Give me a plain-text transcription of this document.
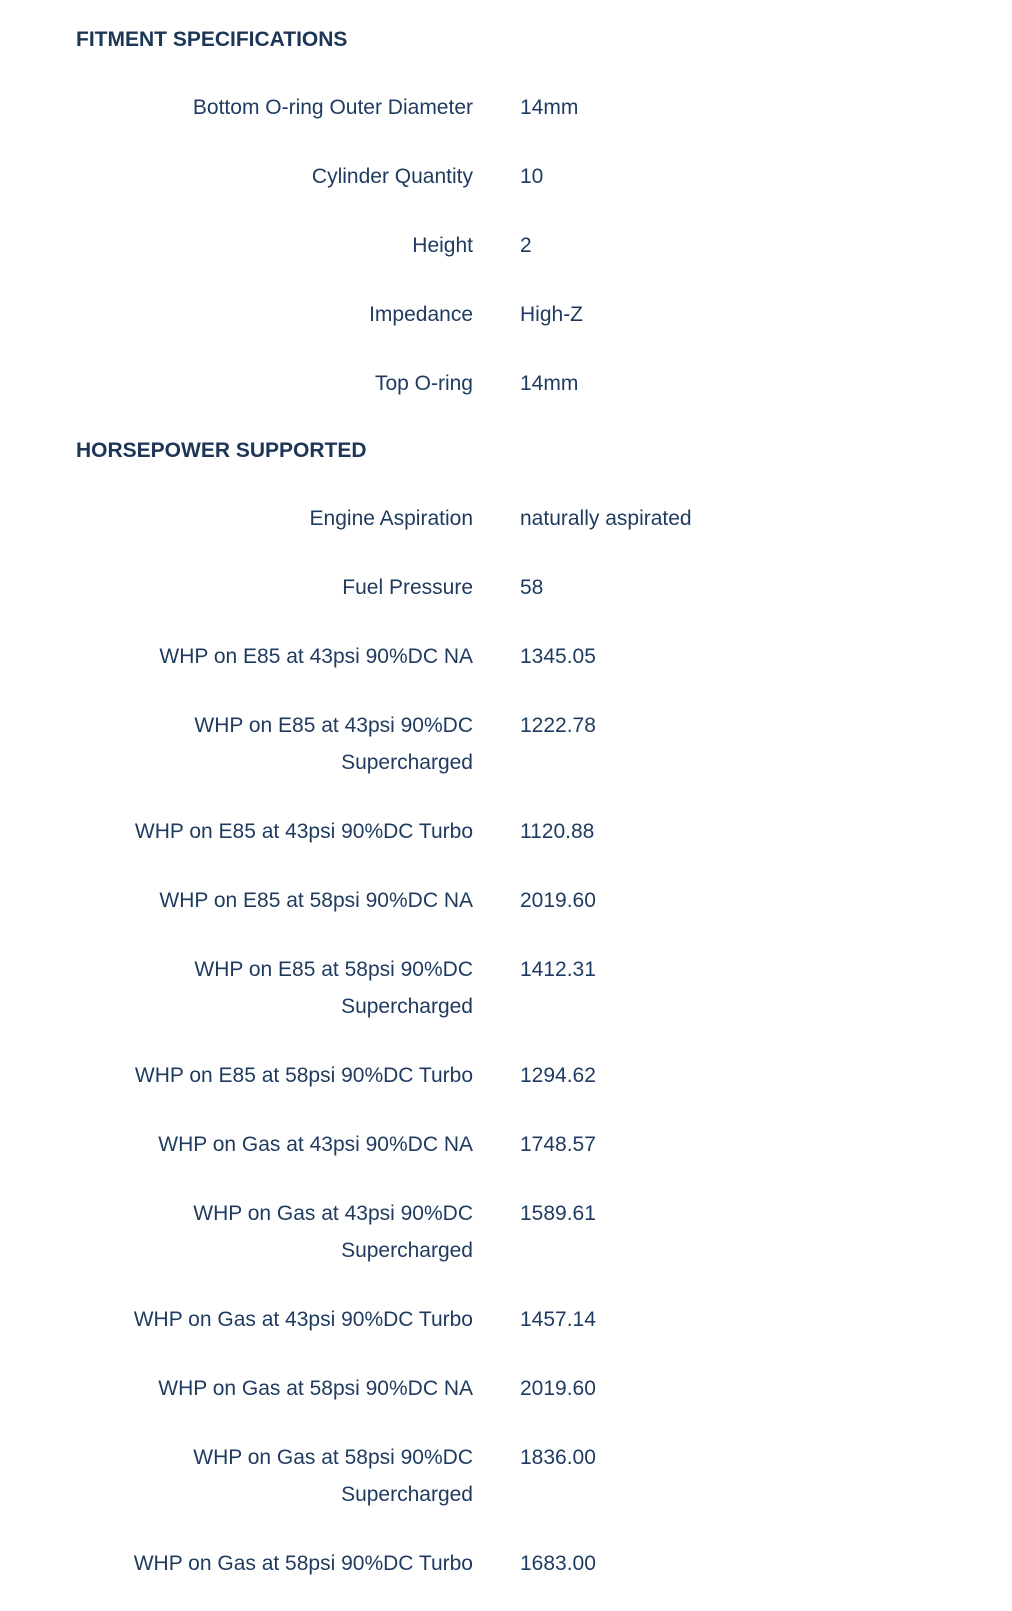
FITMENT SPECIFICATIONS
Bottom O-ring Outer Diameter	14mm

Cylinder Quantity	10

Height	2

Impedance	High-Z

Top O-ring	14mm
HORSEPOWER SUPPORTED
Engine Aspiration	naturally aspirated

Fuel Pressure	58

WHP on E85 at 43psi 90%DC NA	1345.05

WHP on E85 at 43psi 90%DC Supercharged	1222.78

WHP on E85 at 43psi 90%DC Turbo	1120.88

WHP on E85 at 58psi 90%DC NA	2019.60

WHP on E85 at 58psi 90%DC Supercharged	1412.31

WHP on E85 at 58psi 90%DC Turbo	1294.62

WHP on Gas at 43psi 90%DC NA	1748.57

WHP on Gas at 43psi 90%DC Supercharged	1589.61

WHP on Gas at 43psi 90%DC Turbo	1457.14

WHP on Gas at 58psi 90%DC NA	2019.60

WHP on Gas at 58psi 90%DC Supercharged	1836.00

WHP on Gas at 58psi 90%DC Turbo	1683.00
